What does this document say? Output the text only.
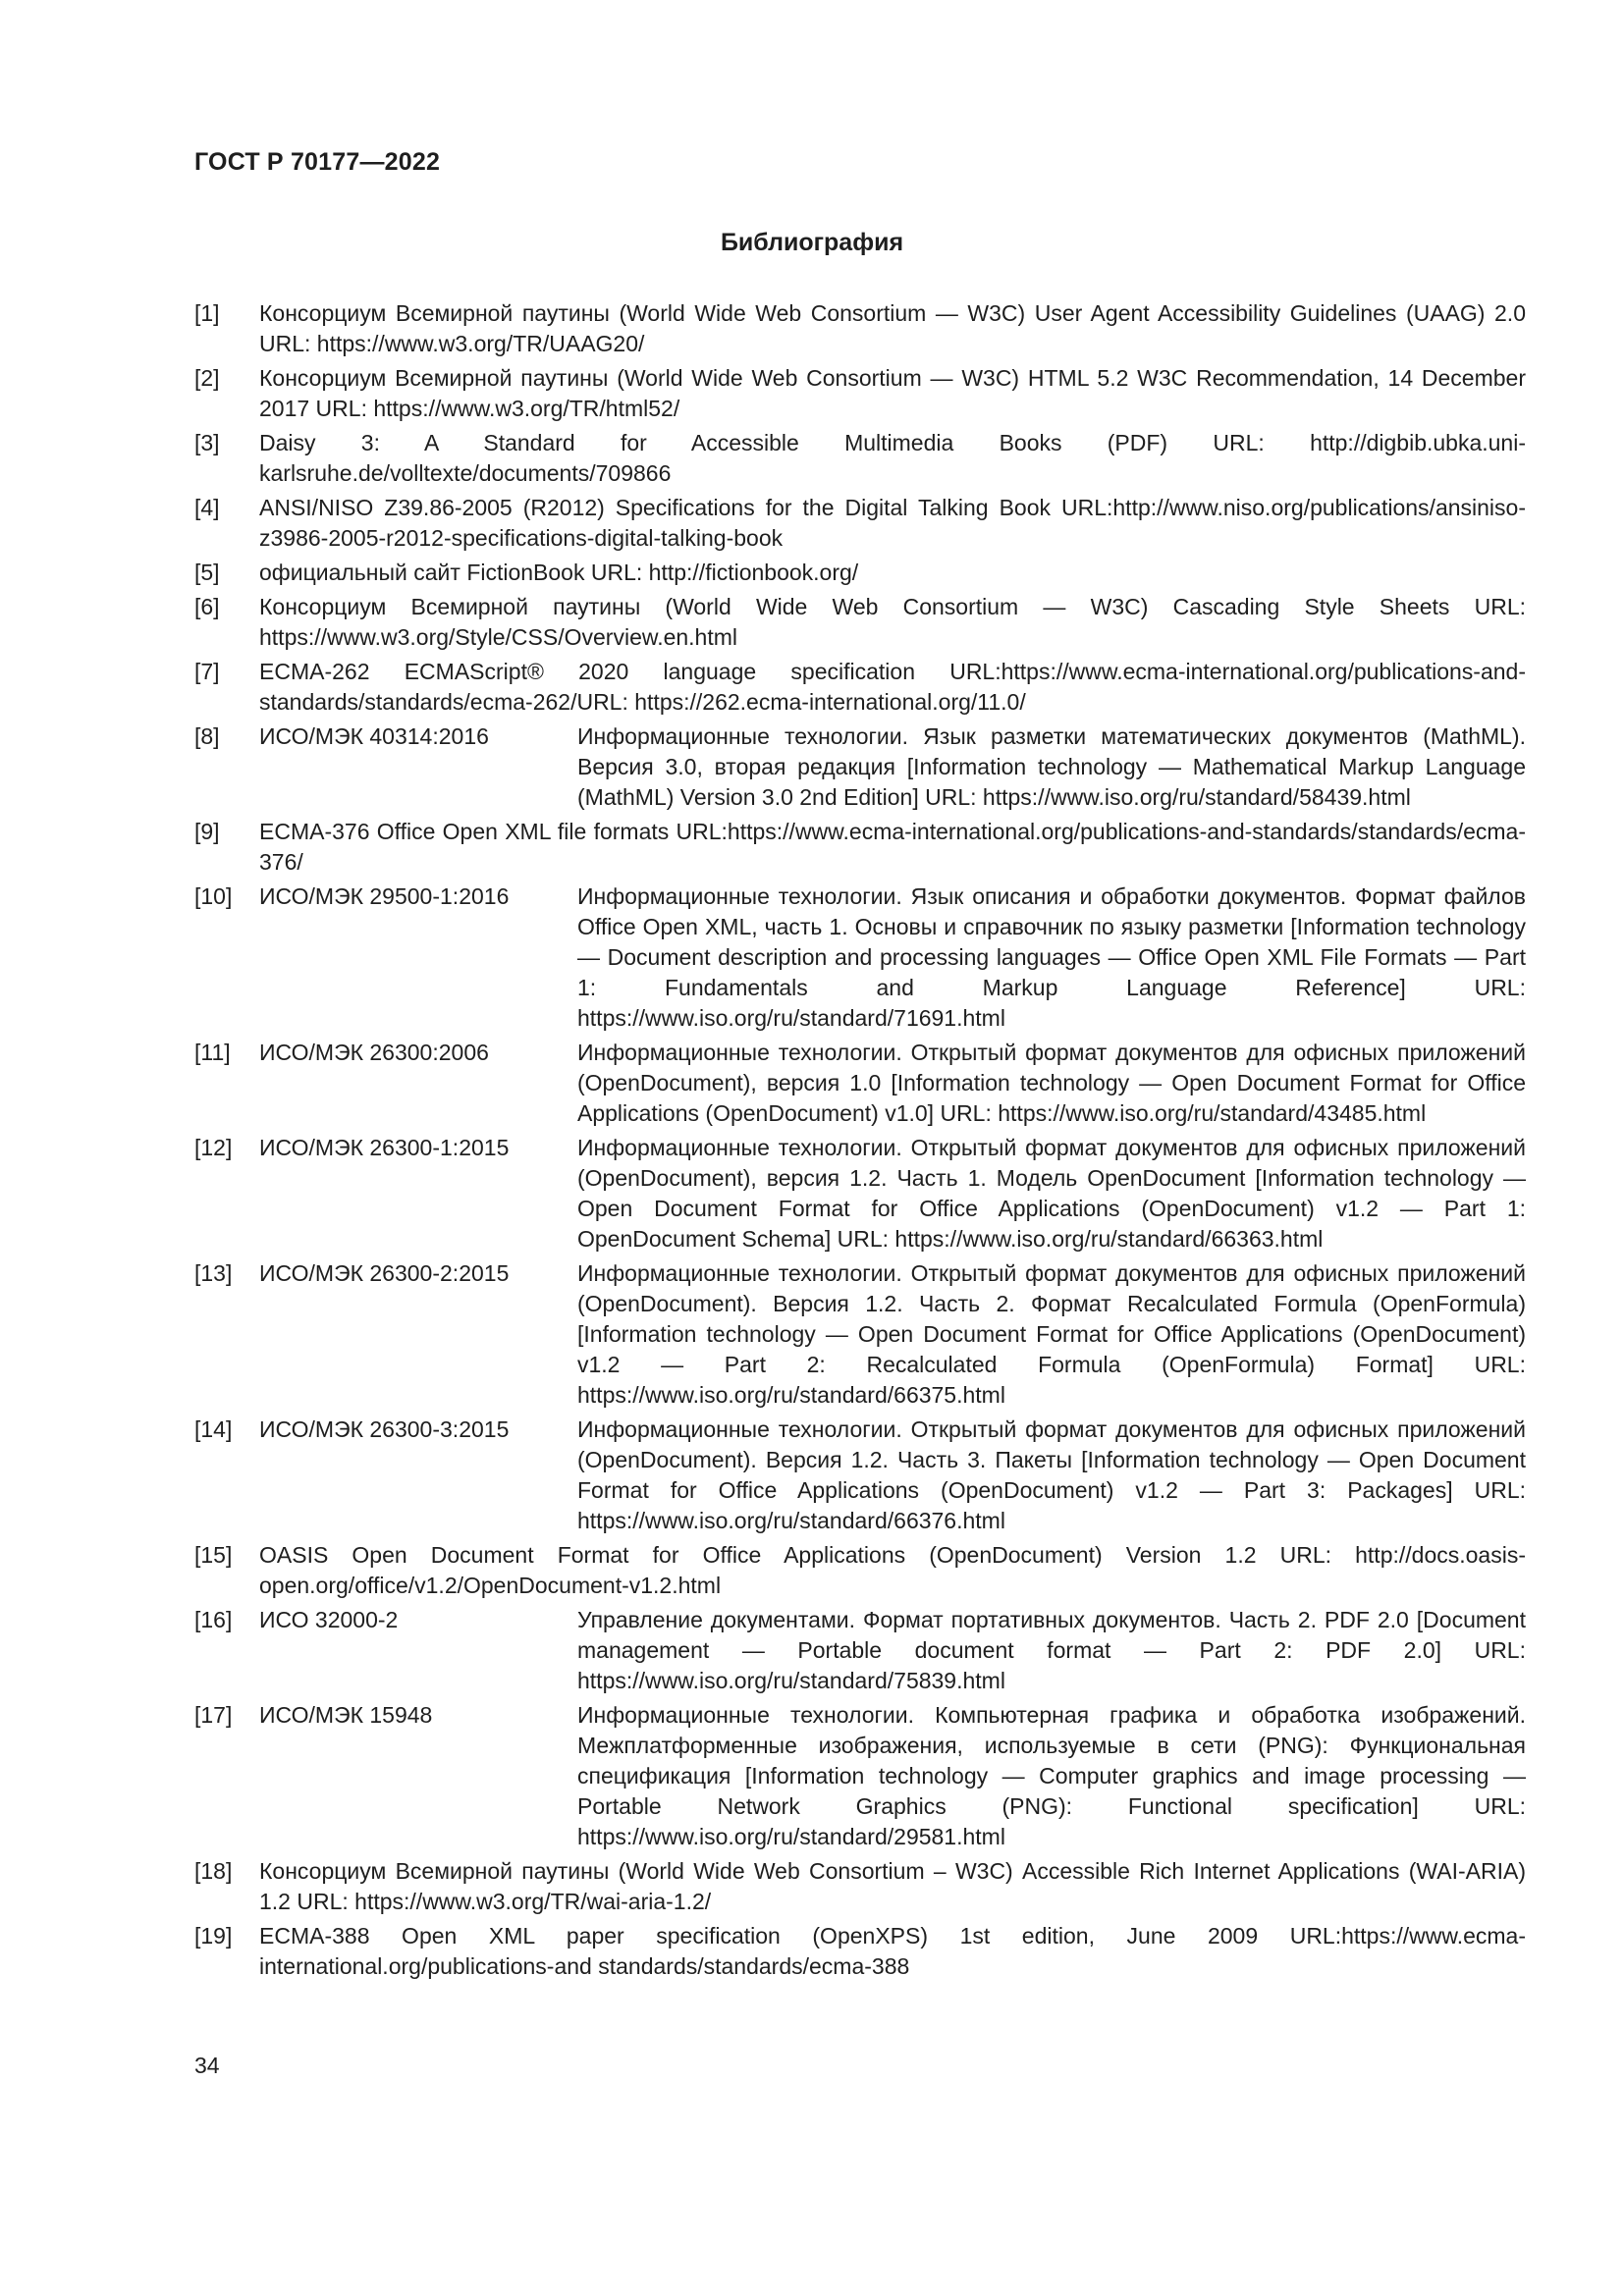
ГОСТ Р 70177—2022
Библиография
[1]	Консорциум Всемирной паутины (World Wide Web Consortium — W3C) User Agent Accessibility Guidelines (UAAG) 2.0 URL: https://www.w3.org/TR/UAAG20/
[2]	Консорциум Всемирной паутины (World Wide Web Consortium — W3C) HTML 5.2 W3C Recommendation, 14 December 2017 URL: https://www.w3.org/TR/html52/
[3]	Daisy 3: A Standard for Accessible Multimedia Books (PDF) URL: http://digbib.ubka.uni-karlsruhe.de/volltexte/documents/709866
[4]	ANSI/NISO Z39.86-2005 (R2012) Specifications for the Digital Talking Book URL:http://www.niso.org/publications/ansiniso-z3986-2005-r2012-specifications-digital-talking-book
[5]	официальный сайт FictionBook URL: http://fictionbook.org/
[6]	Консорциум Всемирной паутины (World Wide Web Consortium — W3C) Cascading Style Sheets URL: https://www.w3.org/Style/CSS/Overview.en.html
[7]	ECMA-262 ECMAScript® 2020 language specification URL:https://www.ecma-international.org/publications-and-standards/standards/ecma-262/URL: https://262.ecma-international.org/11.0/
[8]	ИСО/МЭК 40314:2016	Информационные технологии. Язык разметки математических документов (MathML). Версия 3.0, вторая редакция [Information technology — Mathematical Markup Language (MathML) Version 3.0 2nd Edition] URL: https://www.iso.org/ru/standard/58439.html
[9]	ECMA-376 Office Open XML file formats URL:https://www.ecma-international.org/publications-and-standards/standards/ecma-376/
[10]	ИСО/МЭК 29500-1:2016	Информационные технологии. Язык описания и обработки документов. Формат файлов Office Open XML, часть 1. Основы и справочник по языку разметки [Information technology — Document description and processing languages — Office Open XML File Formats — Part 1: Fundamentals and Markup Language Reference] URL: https://www.iso.org/ru/standard/71691.html
[11]	ИСО/МЭК 26300:2006	Информационные технологии. Открытый формат документов для офисных приложений (OpenDocument), версия 1.0 [Information technology — Open Document Format for Office Applications (OpenDocument) v1.0] URL: https://www.iso.org/ru/standard/43485.html
[12]	ИСО/МЭК 26300-1:2015	Информационные технологии. Открытый формат документов для офисных приложений (OpenDocument), версия 1.2. Часть 1. Модель OpenDocument [Information technology — Open Document Format for Office Applications (OpenDocument) v1.2 — Part 1: OpenDocument Schema] URL: https://www.iso.org/ru/standard/66363.html
[13]	ИСО/МЭК 26300-2:2015	Информационные технологии. Открытый формат документов для офисных приложений (OpenDocument). Версия 1.2. Часть 2. Формат Recalculated Formula (OpenFormula) [Information technology — Open Document Format for Office Applications (OpenDocument) v1.2 — Part 2: Recalculated Formula (OpenFormula) Format] URL: https://www.iso.org/ru/standard/66375.html
[14]	ИСО/МЭК 26300-3:2015	Информационные технологии. Открытый формат документов для офисных приложений (OpenDocument). Версия 1.2. Часть 3. Пакеты [Information technology — Open Document Format for Office Applications (OpenDocument) v1.2 — Part 3: Packages] URL: https://www.iso.org/ru/standard/66376.html
[15]	OASIS Open Document Format for Office Applications (OpenDocument) Version 1.2 URL: http://docs.oasis-open.org/office/v1.2/OpenDocument-v1.2.html
[16]	ИСО 32000-2	Управление документами. Формат портативных документов. Часть 2. PDF 2.0 [Document management — Portable document format — Part 2: PDF 2.0] URL: https://www.iso.org/ru/standard/75839.html
[17]	ИСО/МЭК 15948	Информационные технологии. Компьютерная графика и обработка изображений. Межплатформенные изображения, используемые в сети (PNG): Функциональная спецификация [Information technology — Computer graphics and image processing — Portable Network Graphics (PNG): Functional specification] URL: https://www.iso.org/ru/standard/29581.html
[18]	Консорциум Всемирной паутины (World Wide Web Consortium – W3C) Accessible Rich Internet Applications (WAI-ARIA) 1.2 URL: https://www.w3.org/TR/wai-aria-1.2/
[19]	ECMA-388 Open XML paper specification (OpenXPS) 1st edition, June 2009 URL:https://www.ecma-international.org/publications-and standards/standards/ecma-388
34
